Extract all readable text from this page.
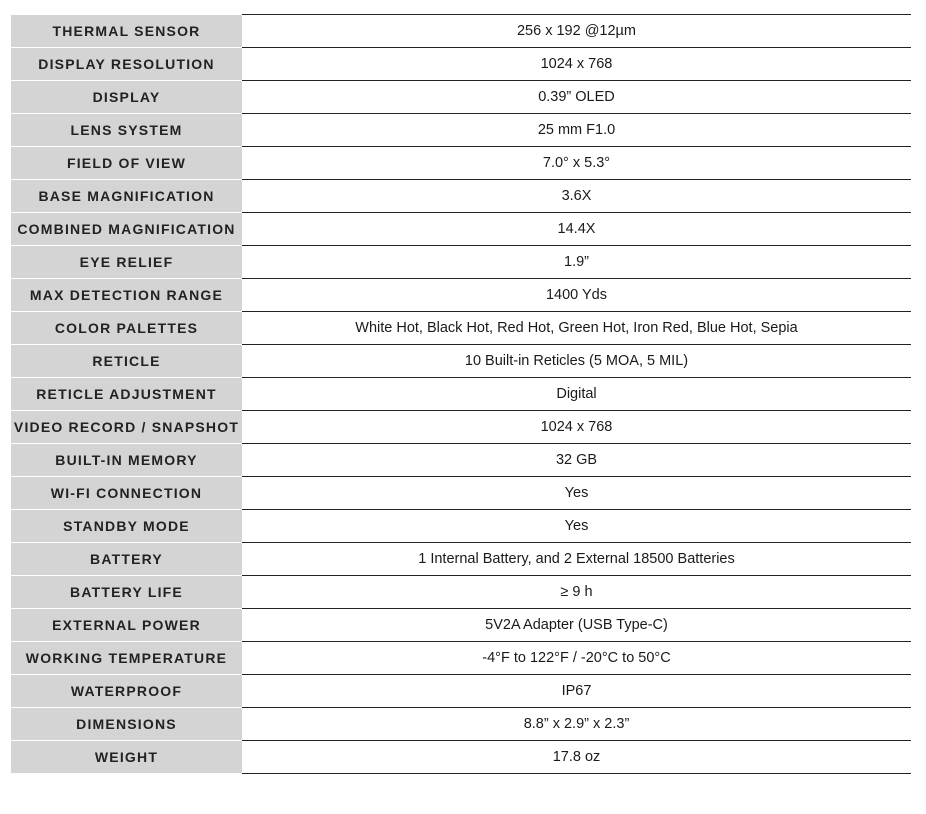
THERMAL SENSOR	256 x 192 @12µm
DISPLAY RESOLUTION	1024 x 768
DISPLAY	0.39” OLED
LENS SYSTEM	25 mm F1.0
FIELD OF VIEW	7.0° x 5.3°
BASE MAGNIFICATION	3.6X
COMBINED MAGNIFICATION	14.4X
EYE RELIEF	1.9”
MAX DETECTION RANGE	1400 Yds
COLOR PALETTES	White Hot, Black Hot, Red Hot, Green Hot, Iron Red, Blue Hot, Sepia
RETICLE	10 Built-in Reticles (5 MOA, 5 MIL)
RETICLE ADJUSTMENT	Digital
VIDEO RECORD / SNAPSHOT	1024 x 768
BUILT-IN MEMORY	32 GB
WI-FI CONNECTION	Yes
STANDBY MODE	Yes
BATTERY	1 Internal Battery, and 2 External 18500 Batteries
BATTERY LIFE	≥ 9 h
EXTERNAL POWER	5V2A Adapter (USB Type-C)
WORKING TEMPERATURE	-4°F to 122°F / -20°C to 50°C
WATERPROOF	IP67
DIMENSIONS	8.8” x 2.9” x 2.3”
WEIGHT	17.8 oz
